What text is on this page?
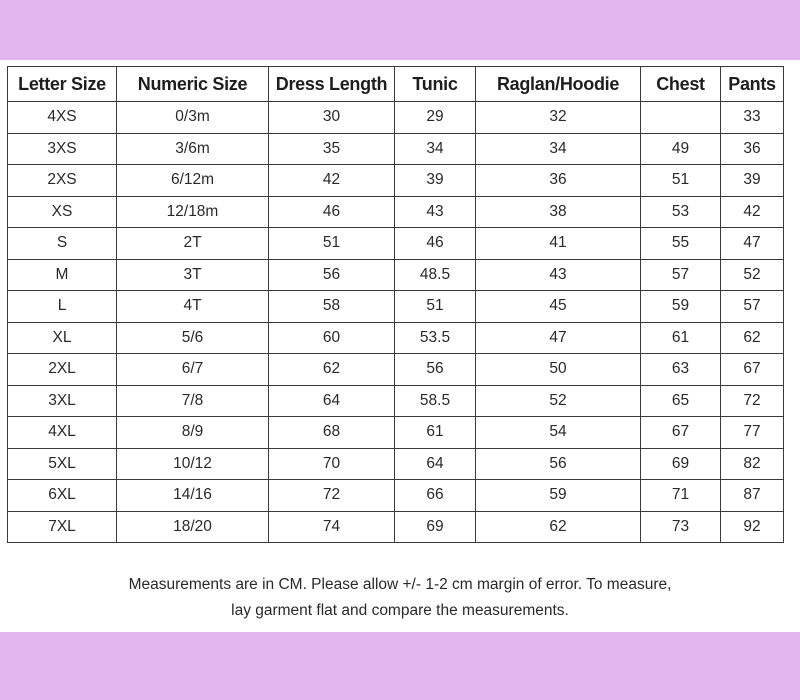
Letter Size	Numeric Size	Dress Length	Tunic	Raglan/Hoodie	Chest	Pants
4XS	0/3m	30	29	32		33
3XS	3/6m	35	34	34	49	36
2XS	6/12m	42	39	36	51	39
XS	12/18m	46	43	38	53	42
S	2T	51	46	41	55	47
M	3T	56	48.5	43	57	52
L	4T	58	51	45	59	57
XL	5/6	60	53.5	47	61	62
2XL	6/7	62	56	50	63	67
3XL	7/8	64	58.5	52	65	72
4XL	8/9	68	61	54	67	77
5XL	10/12	70	64	56	69	82
6XL	14/16	72	66	59	71	87
7XL	18/20	74	69	62	73	92
Measurements are in CM. Please allow +/- 1-2 cm margin of error. To measure,
lay garment flat and compare the measurements.
